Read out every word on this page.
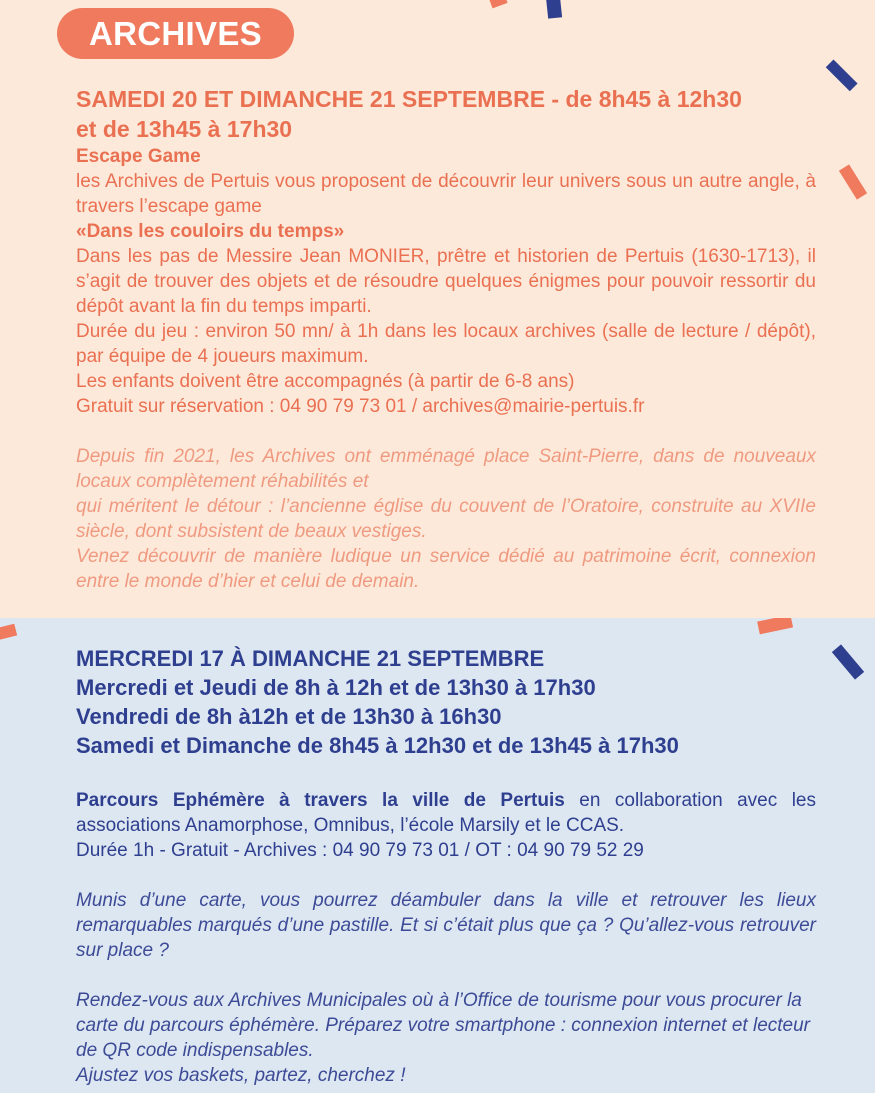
ARCHIVES
SAMEDI 20 ET DIMANCHE 21 SEPTEMBRE - de 8h45 à 12h30
et de 13h45 à 17h30
Escape Game

les Archives de Pertuis vous proposent de découvrir leur univers sous un autre angle, à travers l’escape game

«Dans les couloirs du temps»

Dans les pas de Messire Jean MONIER, prêtre et historien de Pertuis (1630-1713), il s’agit de trouver des objets et de résoudre quelques énigmes pour pouvoir ressortir du dépôt avant la fin du temps imparti.

Durée du jeu : environ 50 mn/ à 1h dans les locaux archives (salle de lecture / dépôt), par équipe de 4 joueurs maximum.

Les enfants doivent être accompagnés (à partir de 6-8 ans)

Gratuit sur réservation : 04 90 79 73 01 / archives@mairie-pertuis.fr

Depuis fin 2021, les Archives ont emménagé place Saint-Pierre, dans de nouveaux locaux complètement réhabilités et

qui méritent le détour : l’ancienne église du couvent de l’Oratoire, construite au XVIIe siècle, dont subsistent de beaux vestiges.

Venez découvrir de manière ludique un service dédié au patrimoine écrit, connexion entre le monde d’hier et celui de demain.

MERCREDI 17 À DIMANCHE 21 SEPTEMBRE
Mercredi et Jeudi de 8h à 12h et de 13h30 à 17h30
Vendredi de 8h à12h et de 13h30 à 16h30
Samedi et Dimanche de 8h45 à 12h30 et de 13h45 à 17h30

Parcours Ephémère à travers la ville de Pertuis en collaboration avec les associations Anamorphose, Omnibus, l’école Marsily et le CCAS.

Durée 1h - Gratuit - Archives : 04 90 79 73 01 / OT : 04 90 79 52 29

Munis d’une carte, vous pourrez déambuler dans la ville et retrouver les lieux remarquables marqués d’une pastille. Et si c’était plus que ça ? Qu’allez-vous retrouver sur place ?

Rendez-vous aux Archives Municipales où à l’Office de tourisme pour vous procurer la carte du parcours éphémère. Préparez votre smartphone : connexion internet et lecteur de QR code indispensables.

Ajustez vos baskets, partez, cherchez !
